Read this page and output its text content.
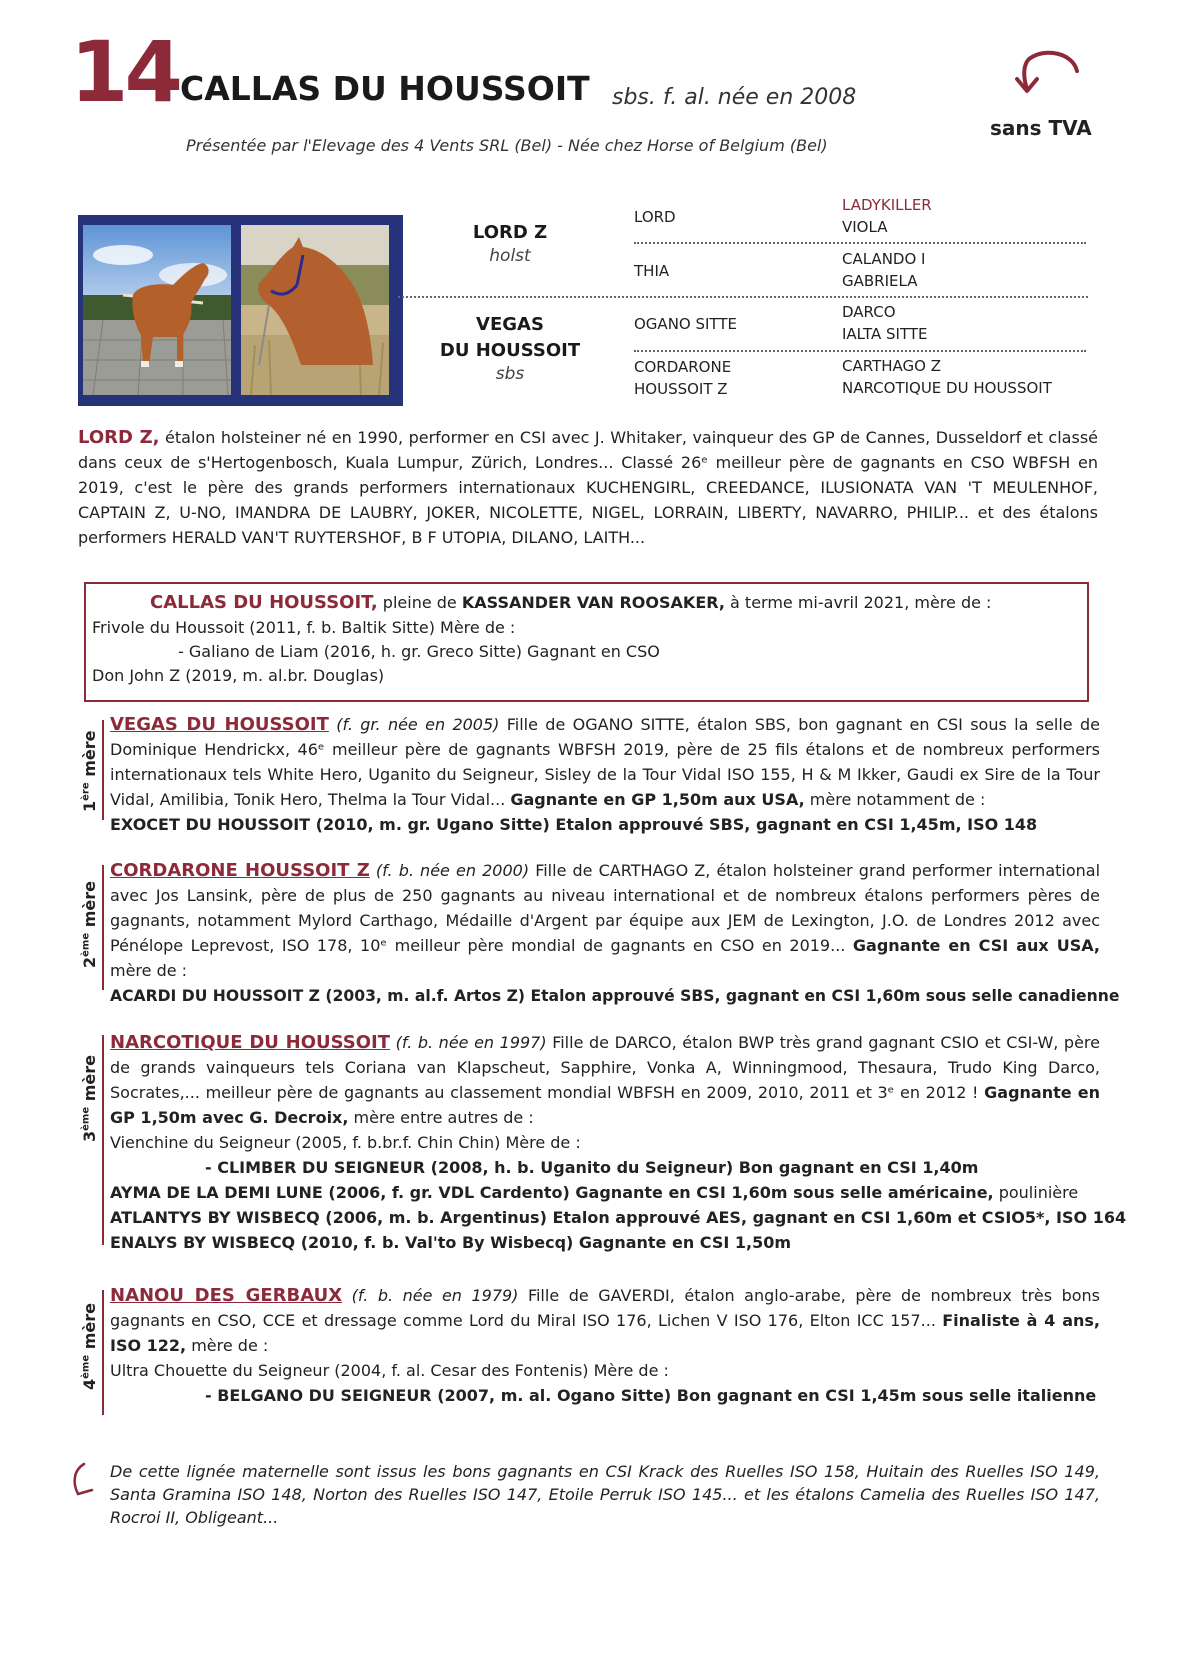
14 CALLAS DU HOUSSOIT sbs. f. al. née en 2008
Présentée par l'Elevage des 4 Vents SRL (Bel) - Née chez Horse of Belgium (Bel)
sans TVA
LORD Z
holst
VEGAS
DU HOUSSOIT
sbs
LORD
THIA
OGANO SITTE
CORDARONE
HOUSSOIT Z
LADYKILLER
VIOLA
CALANDO I
GABRIELA
DARCO
IALTA SITTE
CARTHAGO Z
NARCOTIQUE DU HOUSSOIT
LORD Z, étalon holsteiner né en 1990, performer en CSI avec J. Whitaker, vainqueur des GP de Cannes, Dusseldorf et classé dans ceux de s'Hertogenbosch, Kuala Lumpur, Zürich, Londres... Classé 26ᵉ meilleur père de gagnants en CSO WBFSH en 2019, c'est le père des grands performers internationaux KUCHENGIRL, CREEDANCE, ILUSIONATA VAN 'T MEULENHOF, CAPTAIN Z, U-NO, IMANDRA DE LAUBRY, JOKER, NICOLETTE, NIGEL, LORRAIN, LIBERTY, NAVARRO, PHILIP... et des étalons performers HERALD VAN'T RUYTERSHOF, B F UTOPIA, DILANO, LAITH...
CALLAS DU HOUSSOIT, pleine de KASSANDER VAN ROOSAKER, à terme mi-avril 2021, mère de :
Frivole du Houssoit (2011, f. b. Baltik Sitte) Mère de :
- Galiano de Liam (2016, h. gr. Greco Sitte) Gagnant en CSO
Don John Z (2019, m. al.br. Douglas)
1ère mère
VEGAS DU HOUSSOIT (f. gr. née en 2005) Fille de OGANO SITTE, étalon SBS, bon gagnant en CSI sous la selle de Dominique Hendrickx, 46ᵉ meilleur père de gagnants WBFSH 2019, père de 25 fils étalons et de nombreux performers internationaux tels White Hero, Uganito du Seigneur, Sisley de la Tour Vidal ISO 155, H & M Ikker, Gaudi ex Sire de la Tour Vidal, Amilibia, Tonik Hero, Thelma la Tour Vidal... Gagnante en GP 1,50m aux USA, mère notamment de :
EXOCET DU HOUSSOIT (2010, m. gr. Ugano Sitte) Etalon approuvé SBS, gagnant en CSI 1,45m, ISO 148
2ème mère
CORDARONE HOUSSOIT Z (f. b. née en 2000) Fille de CARTHAGO Z, étalon holsteiner grand performer international avec Jos Lansink, père de plus de 250 gagnants au niveau international et de nombreux étalons performers pères de gagnants, notamment Mylord Carthago, Médaille d'Argent par équipe aux JEM de Lexington, J.O. de Londres 2012 avec Pénélope Leprevost, ISO 178, 10ᵉ meilleur père mondial de gagnants en CSO en 2019... Gagnante en CSI aux USA, mère de :
ACARDI DU HOUSSOIT Z (2003, m. al.f. Artos Z) Etalon approuvé SBS, gagnant en CSI 1,60m sous selle canadienne
3ème mère
NARCOTIQUE DU HOUSSOIT (f. b. née en 1997) Fille de DARCO, étalon BWP très grand gagnant CSIO et CSI-W, père de grands vainqueurs tels Coriana van Klapscheut, Sapphire, Vonka A, Winningmood, Thesaura, Trudo King Darco, Socrates,... meilleur père de gagnants au classement mondial WBFSH en 2009, 2010, 2011 et 3ᵉ en 2012 ! Gagnante en GP 1,50m avec G. Decroix, mère entre autres de :
Vienchine du Seigneur (2005, f. b.br.f. Chin Chin) Mère de :
- CLIMBER DU SEIGNEUR (2008, h. b. Uganito du Seigneur) Bon gagnant en CSI 1,40m
AYMA DE LA DEMI LUNE (2006, f. gr. VDL Cardento) Gagnante en CSI 1,60m sous selle américaine, poulinière
ATLANTYS BY WISBECQ (2006, m. b. Argentinus) Etalon approuvé AES, gagnant en CSI 1,60m et CSIO5*, ISO 164
ENALYS BY WISBECQ (2010, f. b. Val'to By Wisbecq) Gagnante en CSI 1,50m
4ème mère
NANOU DES GERBAUX (f. b. née en 1979) Fille de GAVERDI, étalon anglo-arabe, père de nombreux très bons gagnants en CSO, CCE et dressage comme Lord du Miral ISO 176, Lichen V ISO 176, Elton ICC 157... Finaliste à 4 ans, ISO 122, mère de :
Ultra Chouette du Seigneur (2004, f. al. Cesar des Fontenis) Mère de :
- BELGANO DU SEIGNEUR (2007, m. al. Ogano Sitte) Bon gagnant en CSI 1,45m sous selle italienne
De cette lignée maternelle sont issus les bons gagnants en CSI Krack des Ruelles ISO 158, Huitain des Ruelles ISO 149, Santa Gramina ISO 148, Norton des Ruelles ISO 147, Etoile Perruk ISO 145... et les étalons Camelia des Ruelles ISO 147, Rocroi II, Obligeant...
